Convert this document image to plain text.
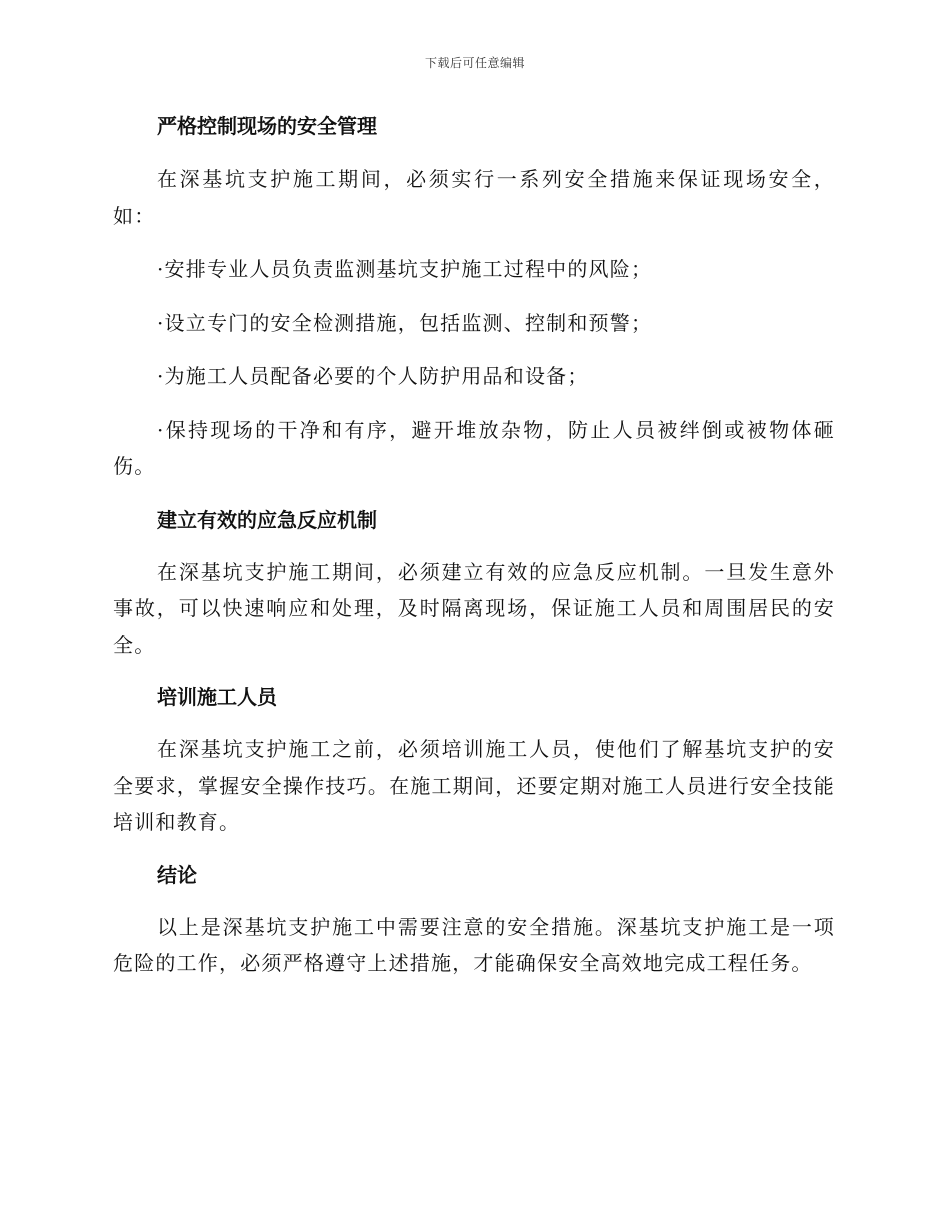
下载后可任意编辑
严格控制现场的安全管理

在深基坑支护施工期间，必须实行一系列安全措施来保证现场安全，如：

·安排专业人员负责监测基坑支护施工过程中的风险；

·设立专门的安全检测措施，包括监测、控制和预警；

·为施工人员配备必要的个人防护用品和设备；

·保持现场的干净和有序，避开堆放杂物，防止人员被绊倒或被物体砸伤。

建立有效的应急反应机制

在深基坑支护施工期间，必须建立有效的应急反应机制。一旦发生意外事故，可以快速响应和处理，及时隔离现场，保证施工人员和周围居民的安全。

培训施工人员

在深基坑支护施工之前，必须培训施工人员，使他们了解基坑支护的安全要求，掌握安全操作技巧。在施工期间，还要定期对施工人员进行安全技能培训和教育。

结论

以上是深基坑支护施工中需要注意的安全措施。深基坑支护施工是一项危险的工作，必须严格遵守上述措施，才能确保安全高效地完成工程任务。
